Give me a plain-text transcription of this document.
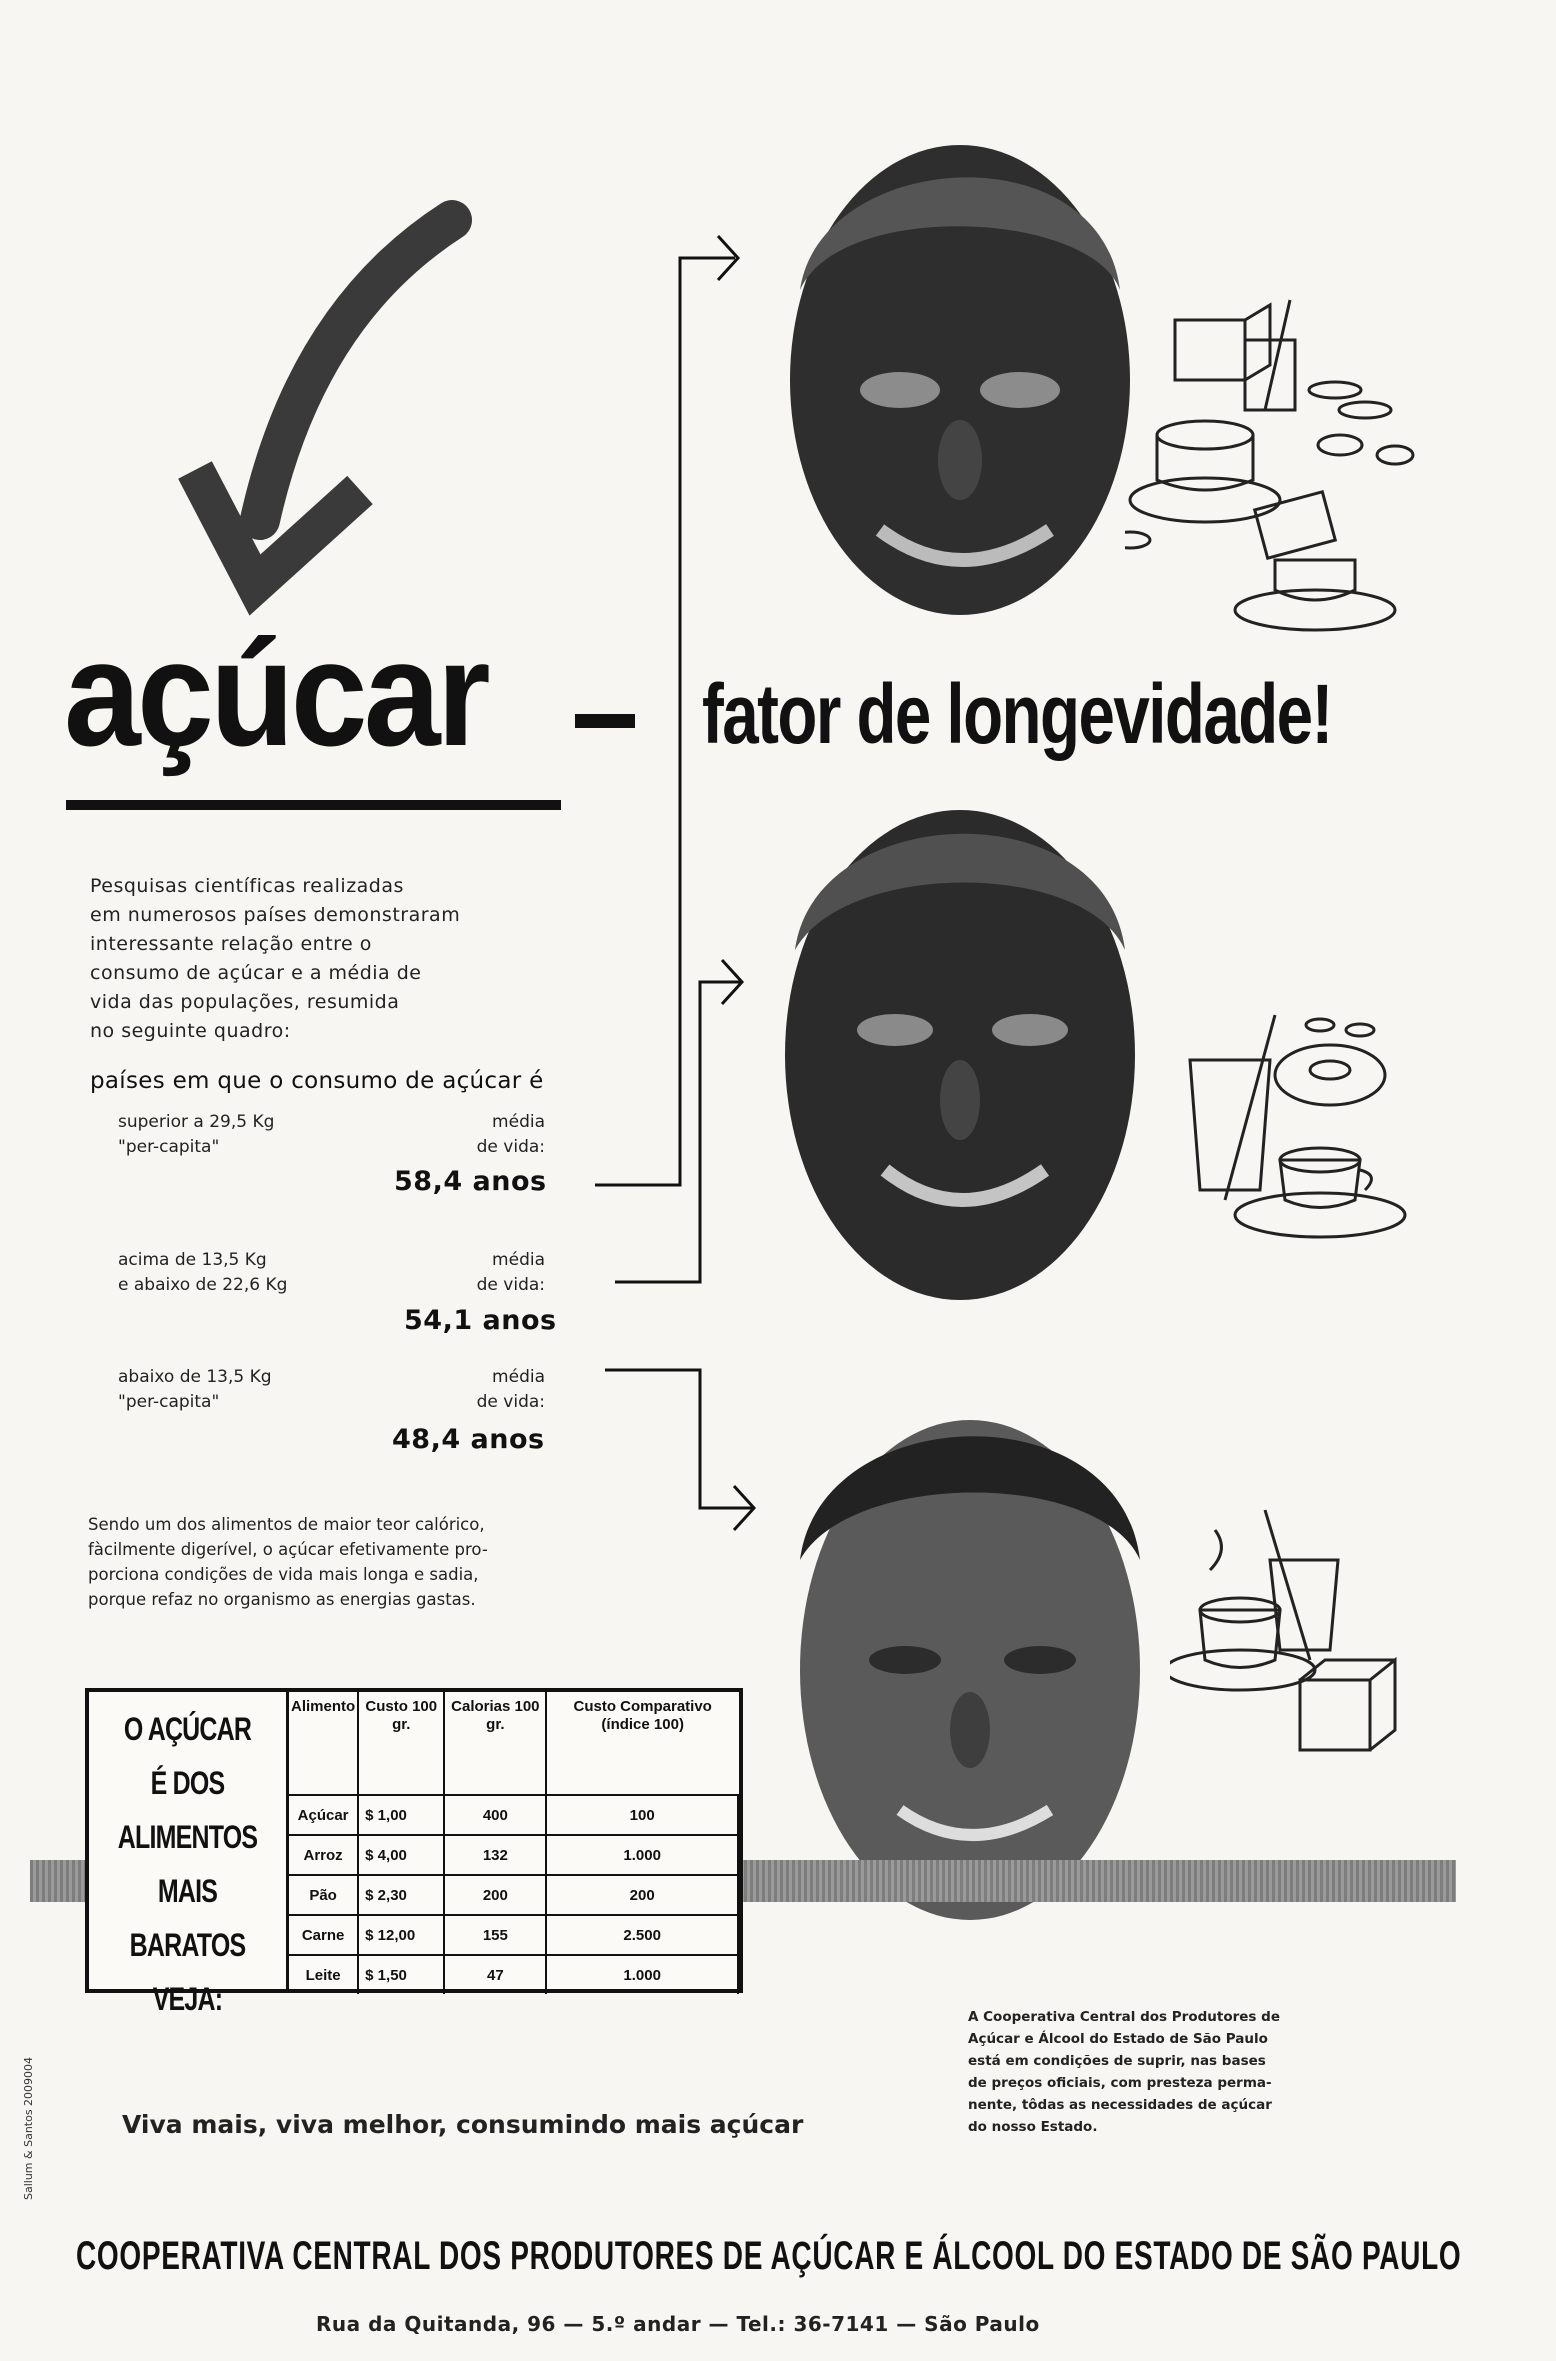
açúcar	fator de longevidade!
Pesquisas científicas realizadas
em numerosos países demonstraram
interessante relação entre o
consumo de açúcar e a média de
vida das populações, resumida
no seguinte quadro:
países em que o consumo de açúcar é
superior a 29,5 Kg
"per-capita"
média
de vida:
58,4 anos
acima de 13,5 Kg
e abaixo de 22,6 Kg
média
de vida:
54,1 anos
abaixo de 13,5 Kg
"per-capita"
média
de vida:
48,4 anos
Sendo um dos alimentos de maior teor calórico,
fàcilmente digerível, o açúcar efetivamente pro-
porciona condições de vida mais longa e sadia,
porque refaz no organismo as energias gastas.
O AÇÚCAR
É DOS
ALIMENTOS
MAIS BARATOS
VEJA:
Alimento	Custo 100 gr.	Calorias 100 gr.	Custo Comparativo (índice 100)
Açúcar	$ 1,00	400	100
Arroz	$ 4,00	132	1.000
Pão	$ 2,30	200	200
Carne	$ 12,00	155	2.500
Leite	$ 1,50	47	1.000
A Cooperativa Central dos Produtores de
Açúcar e Álcool do Estado de São Paulo
está em condições de suprir, nas bases
de preços oficiais, com presteza perma-
nente, tôdas as necessidades de açúcar
do nosso Estado.
Viva mais, viva melhor, consumindo mais açúcar
COOPERATIVA CENTRAL DOS PRODUTORES DE AÇÚCAR E ÁLCOOL DO ESTADO DE SÃO PAULO
Rua da Quitanda, 96 — 5.º andar — Tel.: 36-7141 — São Paulo
Sallum & Santos 2009004
